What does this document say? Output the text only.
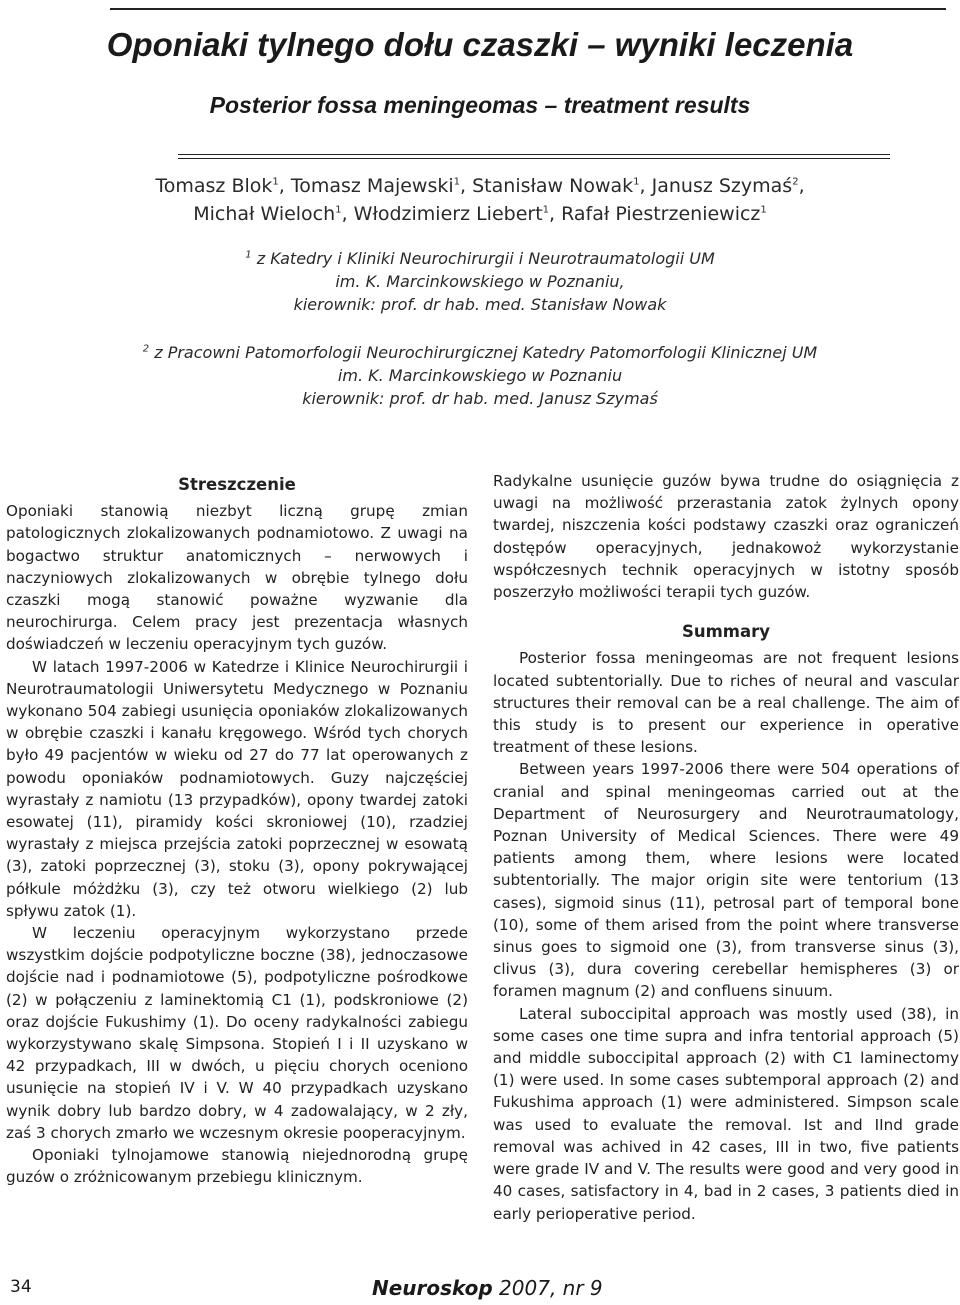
Oponiaki tylnego dołu czaszki – wyniki leczenia
Posterior fossa meningeomas – treatment results
Tomasz Blok$^1$, Tomasz Majewski$^1$, Stanisław Nowak$^1$, Janusz Szymaś$^2$,
Michał Wieloch$^1$, Włodzimierz Liebert$^1$, Rafał Piestrzeniewicz$^1$
$^1$ z Katedry i Kliniki Neurochirurgii i Neurotraumatologii UM
im. K. Marcinkowskiego w Poznaniu,
kierownik: prof. dr hab. med. Stanisław Nowak
$^2$ z Pracowni Patomorfologii Neurochirurgicznej Katedry Patomorfologii Klinicznej UM
im. K. Marcinkowskiego w Poznaniu
kierownik: prof. dr hab. med. Janusz Szymaś
Streszczenie

Oponiaki stanowią niezbyt liczną grupę zmian patologicznych zlokalizowanych podnamiotowo. Z uwagi na bogactwo struktur anatomicznych – nerwowych i naczyniowych zlokalizowanych w obrębie tylnego dołu czaszki mogą stanowić poważne wyzwanie dla neurochirurga. Celem pracy jest prezentacja własnych doświadczeń w leczeniu operacyjnym tych guzów.

W latach 1997-2006 w Katedrze i Klinice Neurochirurgii i Neurotraumatologii Uniwersytetu Medycznego w Poznaniu wykonano 504 zabiegi usunięcia oponiaków zlokalizowanych w obrębie czaszki i kanału kręgowego. Wśród tych chorych było 49 pacjentów w wieku od 27 do 77 lat operowanych z powodu oponiaków podnamiotowych. Guzy najczęściej wyrastały z namiotu (13 przypadków), opony twardej zatoki esowatej (11), piramidy kości skroniowej (10), rzadziej wyrastały z miejsca przejścia zatoki poprzecznej w esowatą (3), zatoki poprzecznej (3), stoku (3), opony pokrywającej półkule móżdżku (3), czy też otworu wielkiego (2) lub spływu zatok (1).

W leczeniu operacyjnym wykorzystano przede wszystkim dojście podpotyliczne boczne (38), jednoczasowe dojście nad i podnamiotowe (5), podpotyliczne pośrodkowe (2) w połączeniu z laminektomią C1 (1), podskroniowe (2) oraz dojście Fukushimy (1). Do oceny radykalności zabiegu wykorzystywano skalę Simpsona. Stopień I i II uzyskano w 42 przypadkach, III w dwóch, u pięciu chorych oceniono usunięcie na stopień IV i V. W 40 przypadkach uzyskano wynik dobry lub bardzo dobry, w 4 zadowalający, w 2 zły, zaś 3 chorych zmarło we wczesnym okresie pooperacyjnym.

Oponiaki tylnojamowe stanowią niejednorodną grupę guzów o zróżnicowanym przebiegu klinicznym.

Radykalne usunięcie guzów bywa trudne do osiągnięcia z uwagi na możliwość przerastania zatok żylnych opony twardej, niszczenia kości podstawy czaszki oraz ograniczeń dostępów operacyjnych, jednakowoż wykorzystanie współczesnych technik operacyjnych w istotny sposób poszerzyło możliwości terapii tych guzów.

Summary

Posterior fossa meningeomas are not frequent lesions located subtentorially. Due to riches of neural and vascular structures their removal can be a real challenge. The aim of this study is to present our experience in operative treatment of these lesions.

Between years 1997-2006 there were 504 operations of cranial and spinal meningeomas carried out at the Department of Neurosurgery and Neurotraumatology, Poznan University of Medical Sciences. There were 49 patients among them, where lesions were located subtentorially. The major origin site were tentorium (13 cases), sigmoid sinus (11), petrosal part of temporal bone (10), some of them arised from the point where transverse sinus goes to sigmoid one (3), from transverse sinus (3), clivus (3), dura covering cerebellar hemispheres (3) or foramen magnum (2) and confluens sinuum.

Lateral suboccipital approach was mostly used (38), in some cases one time supra and infra tentorial approach (5) and middle suboccipital approach (2) with C1 laminectomy (1) were used. In some cases subtemporal approach (2) and Fukushima approach (1) were administered. Simpson scale was used to evaluate the removal. Ist and IInd grade removal was achived in 42 cases, III in two, five patients were grade IV and V. The results were good and very good in 40 cases, satisfactory in 4, bad in 2 cases, 3 patients died in early perioperative period.

34	Neuroskop 2007, nr 9
